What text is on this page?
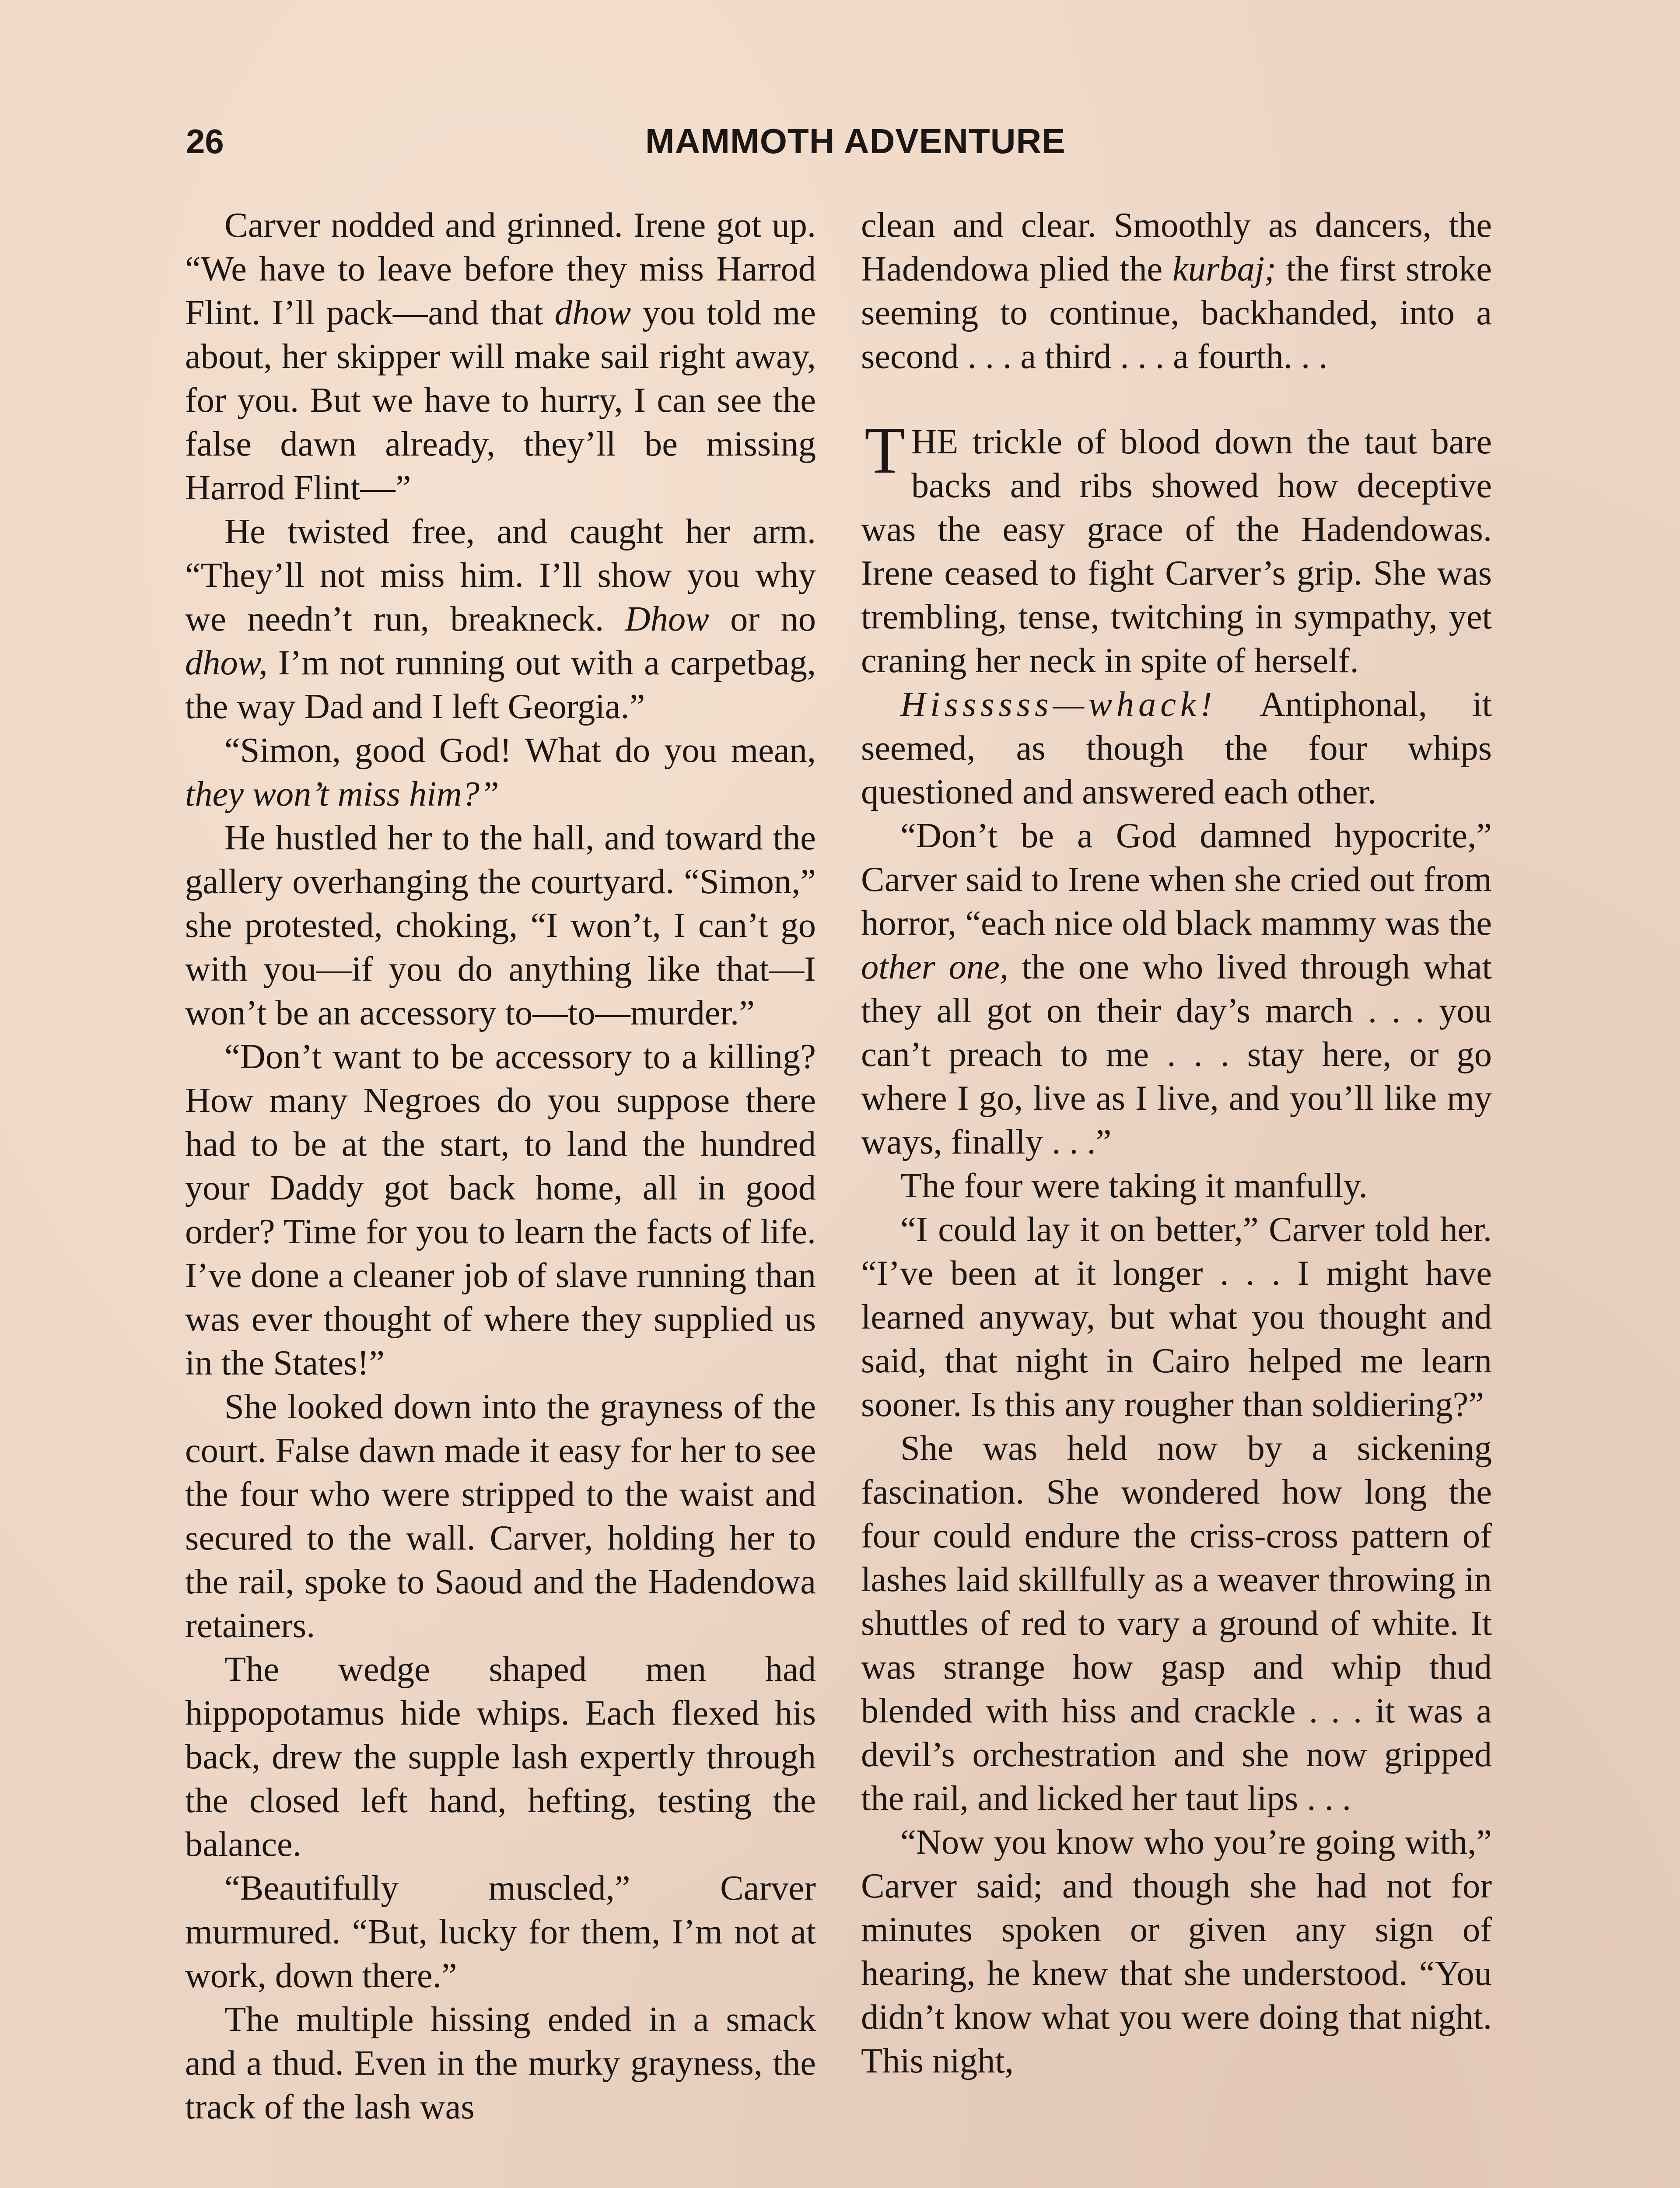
26	MAMMOTH ADVENTURE

Carver nodded and grinned. Irene got up. “We have to leave before they miss Harrod Flint. I’ll pack—and that dhow you told me about, her skipper will make sail right away, for you. But we have to hurry, I can see the false dawn already, they’ll be missing Harrod Flint—”

He twisted free, and caught her arm. “They’ll not miss him. I’ll show you why we needn’t run, breakneck. Dhow or no dhow, I’m not running out with a carpetbag, the way Dad and I left Georgia.”

“Simon, good God! What do you mean, they won’t miss him?”

He hustled her to the hall, and toward the gallery overhanging the courtyard. “Simon,” she protested, choking, “I won’t, I can’t go with you—if you do anything like that—I won’t be an accessory to—to—murder.”

“Don’t want to be accessory to a killing? How many Negroes do you suppose there had to be at the start, to land the hundred your Daddy got back home, all in good order? Time for you to learn the facts of life. I’ve done a cleaner job of slave running than was ever thought of where they supplied us in the States!”

She looked down into the grayness of the court. False dawn made it easy for her to see the four who were stripped to the waist and secured to the wall. Carver, holding her to the rail, spoke to Saoud and the Hadendowa retainers.

The wedge shaped men had hippopotamus hide whips. Each flexed his back, drew the supple lash expertly through the closed left hand, hefting, testing the balance.

“Beautifully muscled,” Carver murmured. “But, lucky for them, I’m not at work, down there.”

The multiple hissing ended in a smack and a thud. Even in the murky grayness, the track of the lash was

clean and clear. Smoothly as dancers, the Hadendowa plied the kurbaj; the first stroke seeming to continue, backhanded, into a second . . . a third . . . a fourth. . .

THE trickle of blood down the taut bare backs and ribs showed how deceptive was the easy grace of the Hadendowas. Irene ceased to fight Carver’s grip. She was trembling, tense, twitching in sympathy, yet craning her neck in spite of herself.

Hissssss—whack! Antiphonal, it seemed, as though the four whips questioned and answered each other.

“Don’t be a God damned hypocrite,” Carver said to Irene when she cried out from horror, “each nice old black mammy was the other one, the one who lived through what they all got on their day’s march . . . you can’t preach to me . . . stay here, or go where I go, live as I live, and you’ll like my ways, finally . . .”

The four were taking it manfully.

“I could lay it on better,” Carver told her. “I’ve been at it longer . . . I might have learned anyway, but what you thought and said, that night in Cairo helped me learn sooner. Is this any rougher than soldiering?”

She was held now by a sickening fascination. She wondered how long the four could endure the criss-cross pattern of lashes laid skillfully as a weaver throwing in shuttles of red to vary a ground of white. It was strange how gasp and whip thud blended with hiss and crackle . . . it was a devil’s orchestration and she now gripped the rail, and licked her taut lips . . .

“Now you know who you’re going with,” Carver said; and though she had not for minutes spoken or given any sign of hearing, he knew that she understood. “You didn’t know what you were doing that night. This night,
